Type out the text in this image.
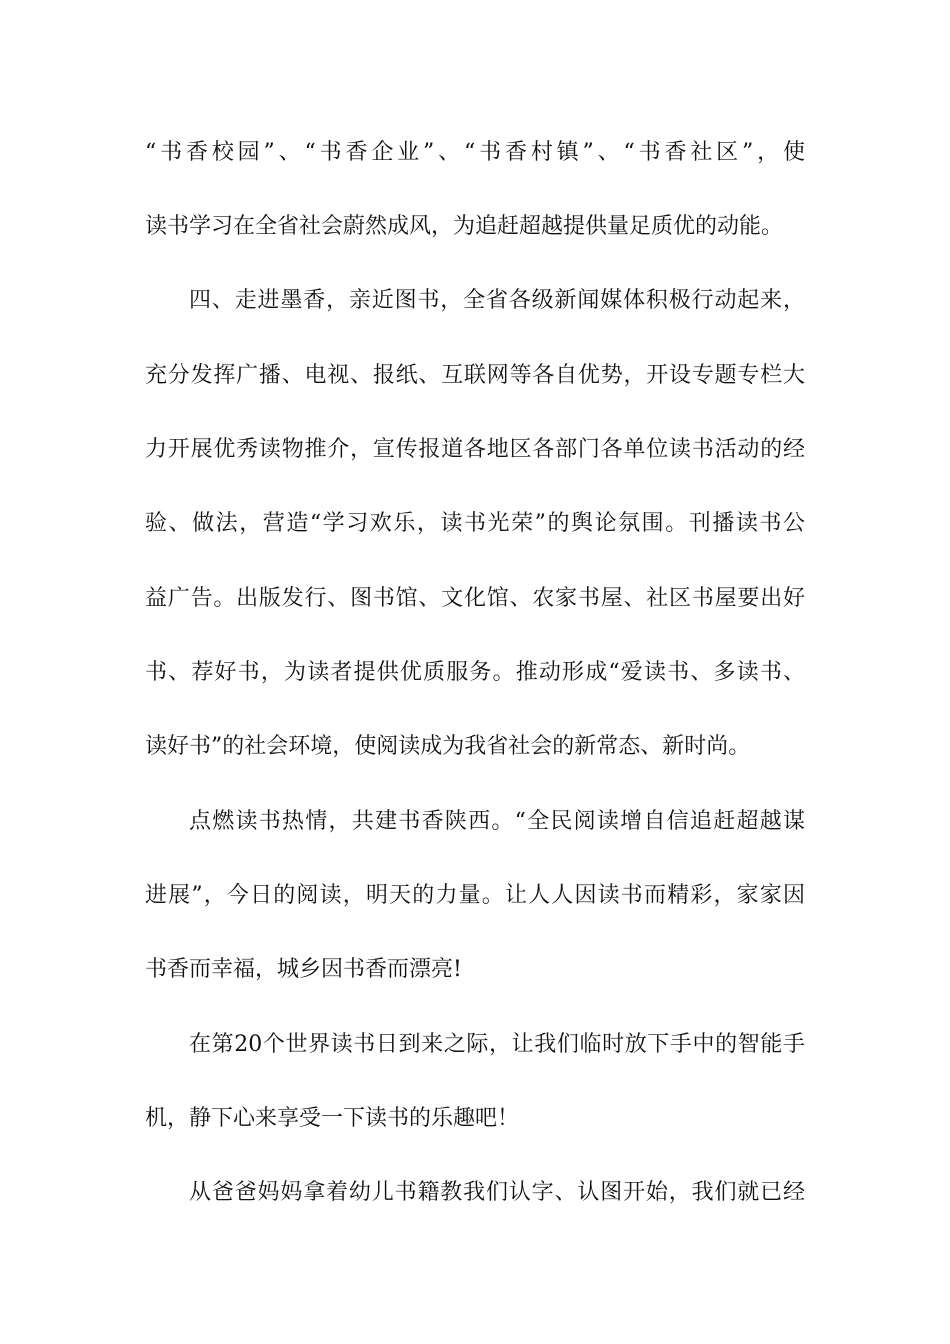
“书香校园”、“书香企业”、“书香村镇”、“书香社区”，使
读书学习在全省社会蔚然成风，为追赶超越提供量足质优的动能。
四、走进墨香，亲近图书，全省各级新闻媒体积极行动起来，
充分发挥广播、电视、报纸、互联网等各自优势，开设专题专栏大
力开展优秀读物推介，宣传报道各地区各部门各单位读书活动的经
验、做法，营造“学习欢乐，读书光荣”的舆论氛围。刊播读书公
益广告。出版发行、图书馆、文化馆、农家书屋、社区书屋要出好
书、荐好书，为读者提供优质服务。推动形成“爱读书、多读书、
读好书”的社会环境，使阅读成为我省社会的新常态、新时尚。
点燃读书热情，共建书香陕西。“全民阅读增自信追赶超越谋
进展”，今日的阅读，明天的力量。让人人因读书而精彩，家家因
书香而幸福，城乡因书香而漂亮!
在第20个世界读书日到来之际，让我们临时放下手中的智能手
机，静下心来享受一下读书的乐趣吧！
从爸爸妈妈拿着幼儿书籍教我们认字、认图开始，我们就已经
